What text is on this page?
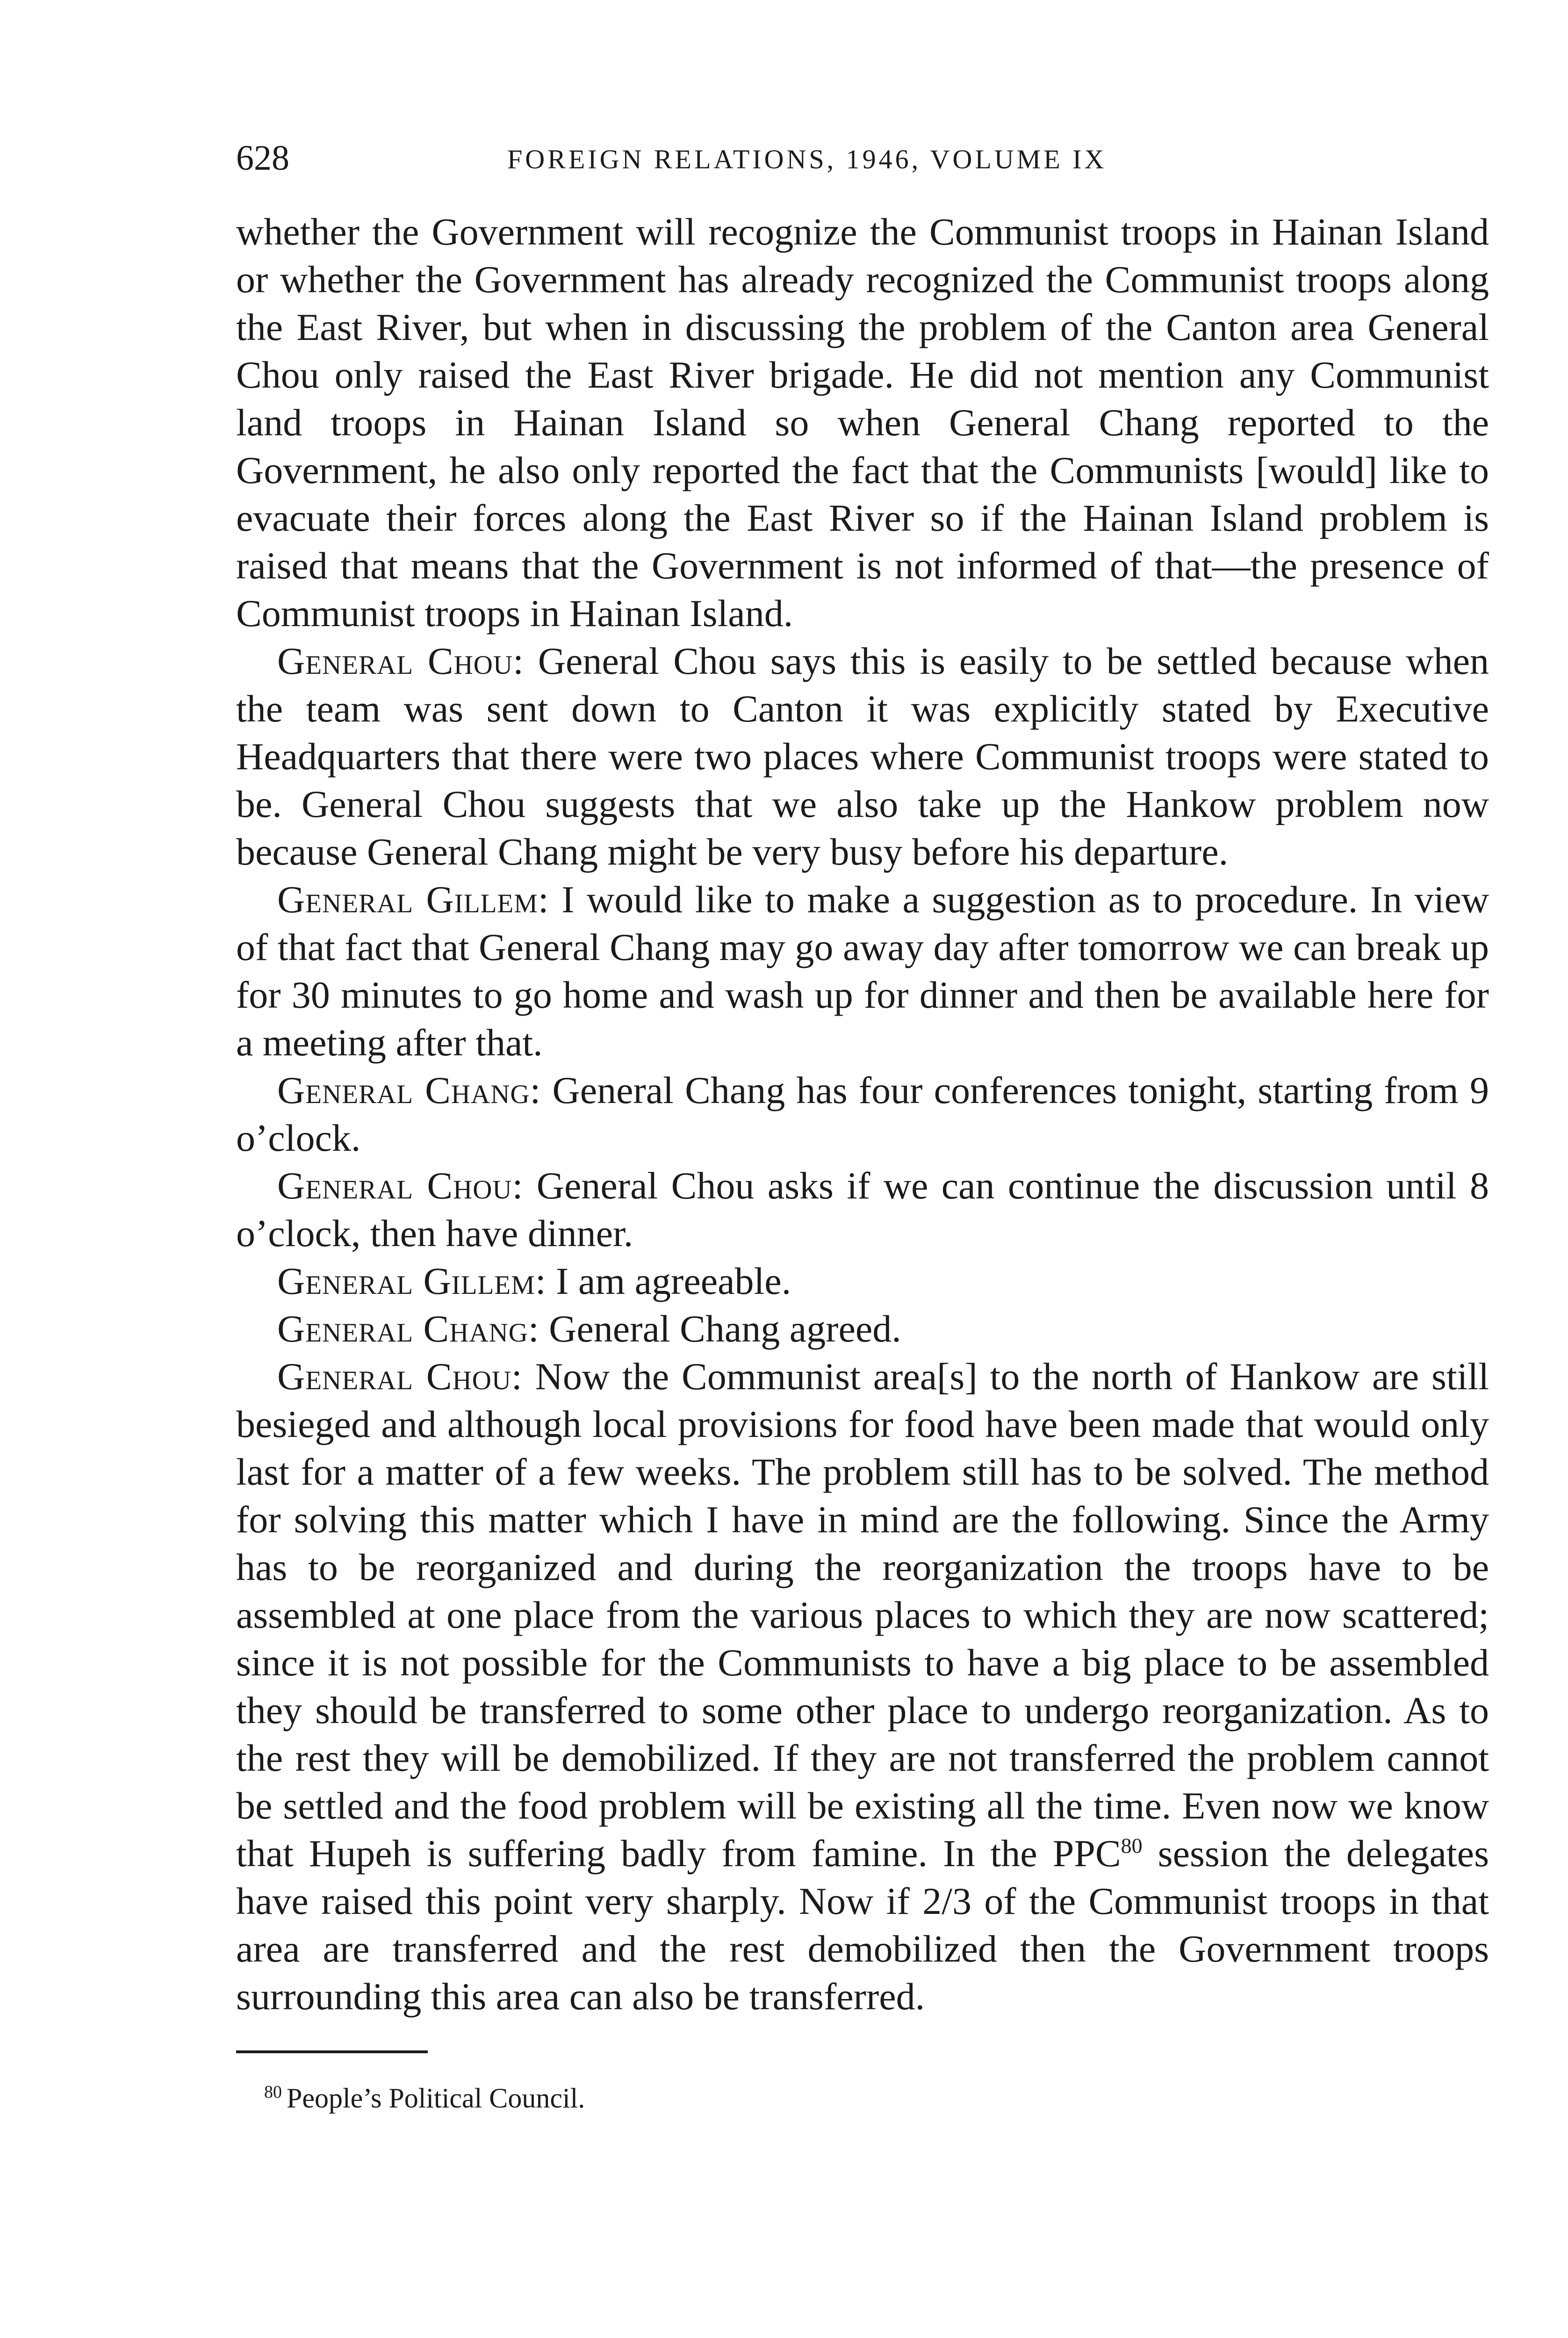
628	FOREIGN RELATIONS, 1946, VOLUME IX

whether the Government will recognize the Communist troops in Hainan Island or whether the Government has already recognized the Communist troops along the East River, but when in discussing the problem of the Canton area General Chou only raised the East River brigade. He did not mention any Communist land troops in Hainan Island so when General Chang reported to the Government, he also only reported the fact that the Communists [would] like to evacuate their forces along the East River so if the Hainan Island problem is raised that means that the Government is not informed of that—the presence of Communist troops in Hainan Island.

General Chou: General Chou says this is easily to be settled because when the team was sent down to Canton it was explicitly stated by Executive Headquarters that there were two places where Communist troops were stated to be. General Chou suggests that we also take up the Hankow problem now because General Chang might be very busy before his departure.

General Gillem: I would like to make a suggestion as to procedure. In view of that fact that General Chang may go away day after tomorrow we can break up for 30 minutes to go home and wash up for dinner and then be available here for a meeting after that.

General Chang: General Chang has four conferences tonight, starting from 9 o’clock.

General Chou: General Chou asks if we can continue the discussion until 8 o’clock, then have dinner.

General Gillem: I am agreeable.

General Chang: General Chang agreed.

General Chou: Now the Communist area[s] to the north of Hankow are still besieged and although local provisions for food have been made that would only last for a matter of a few weeks. The problem still has to be solved. The method for solving this matter which I have in mind are the following. Since the Army has to be reorganized and during the reorganization the troops have to be assembled at one place from the various places to which they are now scattered; since it is not possible for the Communists to have a big place to be assembled they should be transferred to some other place to undergo reorganization. As to the rest they will be demobilized. If they are not transferred the problem cannot be settled and the food problem will be existing all the time. Even now we know that Hupeh is suffering badly from famine. In the PPC$^{80}$ session the delegates have raised this point very sharply. Now if 2/3 of the Communist troops in that area are transferred and the rest demobilized then the Government troops surrounding this area can also be transferred.

$^{80}$ People’s Political Council.
